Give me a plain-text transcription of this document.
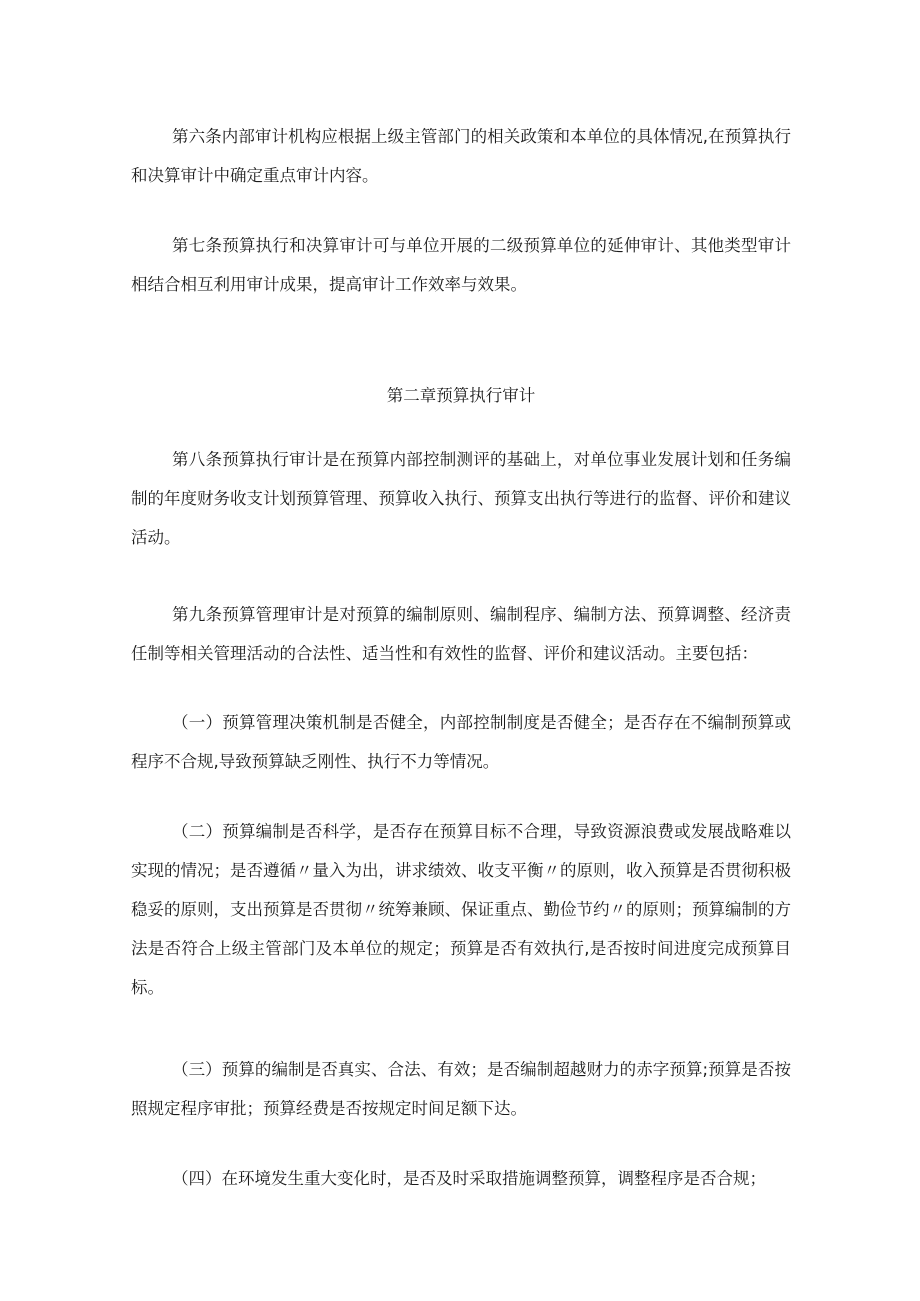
第六条内部审计机构应根据上级主管部门的相关政策和本单位的具体情况,在预算执行和决算审计中确定重点审计内容。

第七条预算执行和决算审计可与单位开展的二级预算单位的延伸审计、其他类型审计相结合相互利用审计成果，提高审计工作效率与效果。

第二章预算执行审计

第八条预算执行审计是在预算内部控制测评的基础上，对单位事业发展计划和任务编制的年度财务收支计划预算管理、预算收入执行、预算支出执行等进行的监督、评价和建议活动。

第九条预算管理审计是对预算的编制原则、编制程序、编制方法、预算调整、经济责任制等相关管理活动的合法性、适当性和有效性的监督、评价和建议活动。主要包括：

（一）预算管理决策机制是否健全，内部控制制度是否健全；是否存在不编制预算或程序不合规,导致预算缺乏刚性、执行不力等情况。

（二）预算编制是否科学，是否存在预算目标不合理，导致资源浪费或发展战略难以实现的情况；是否遵循〃量入为出，讲求绩效、收支平衡〃的原则，收入预算是否贯彻积极稳妥的原则，支出预算是否贯彻〃统筹兼顾、保证重点、勤俭节约〃的原则；预算编制的方法是否符合上级主管部门及本单位的规定；预算是否有效执行,是否按时间进度完成预算目标。

（三）预算的编制是否真实、合法、有效；是否编制超越财力的赤字预算;预算是否按照规定程序审批；预算经费是否按规定时间足额下达。

（四）在环境发生重大变化时，是否及时采取措施调整预算，调整程序是否合规；
